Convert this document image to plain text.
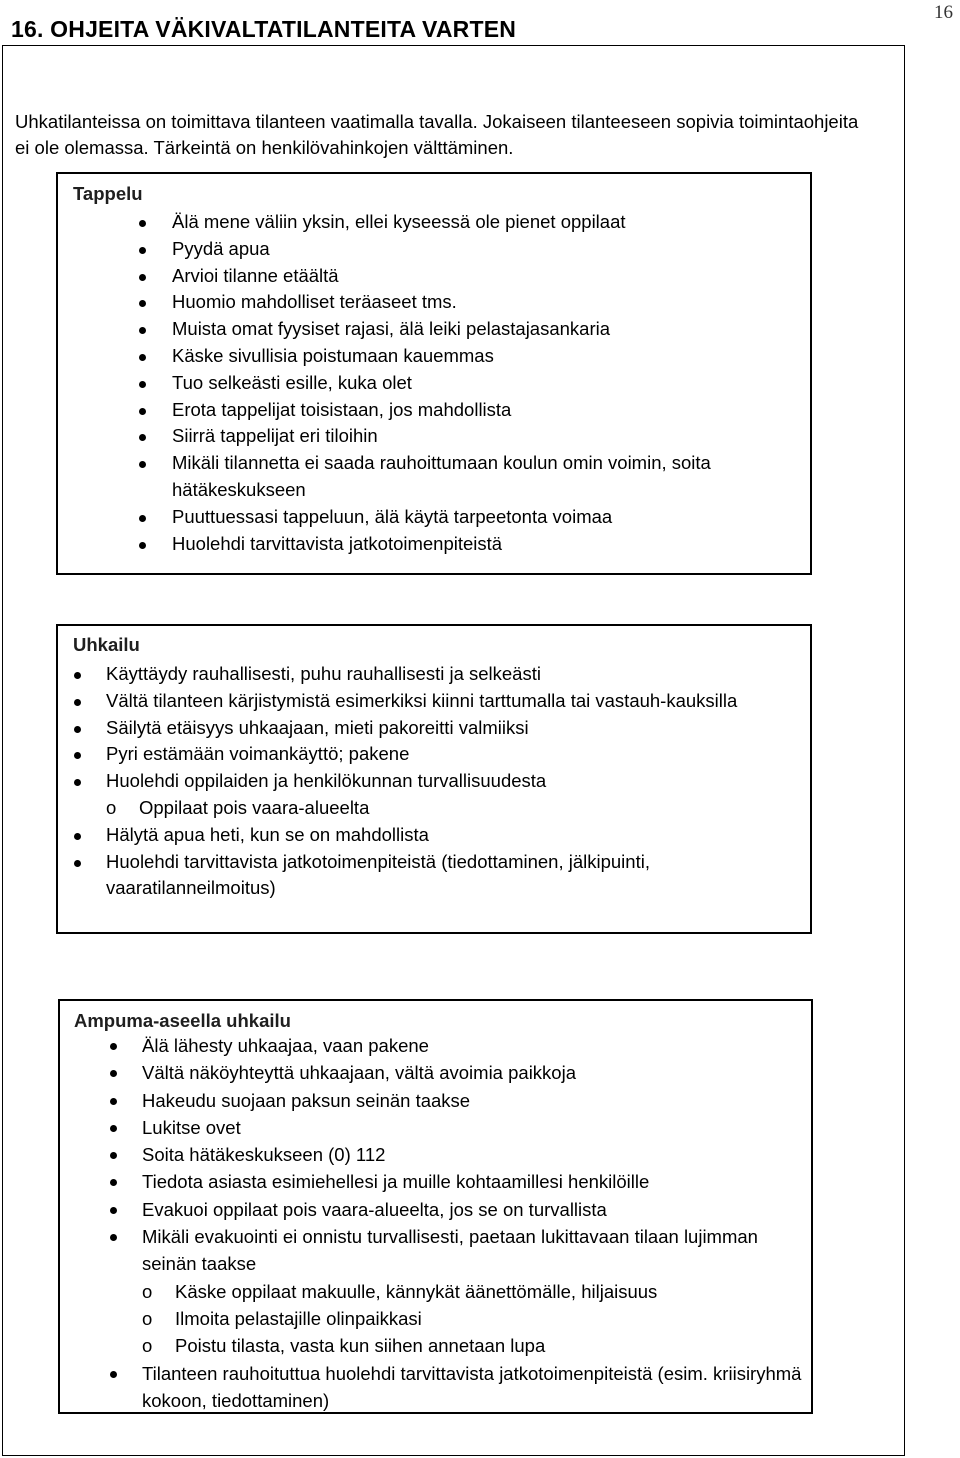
16
16. OHJEITA VÄKIVALTATILANTEITA VARTEN
Uhkatilanteissa on toimittava tilanteen vaatimalla tavalla. Jokaiseen tilanteeseen sopivia toimintaohjeita ei ole olemassa. Tärkeintä on henkilövahinkojen välttäminen.
Tappelu
Älä mene väliin yksin, ellei kyseessä ole pienet oppilaat
Pyydä apua
Arvioi tilanne etäältä
Huomio mahdolliset teräaseet tms.
Muista omat fyysiset rajasi, älä leiki pelastajasankaria
Käske sivullisia poistumaan kauemmas
Tuo selkeästi esille, kuka olet
Erota tappelijat toisistaan, jos mahdollista
Siirrä tappelijat eri tiloihin
Mikäli tilannetta ei saada rauhoittumaan koulun omin voimin, soita hätäkeskukseen
Puuttuessasi tappeluun, älä käytä tarpeetonta voimaa
Huolehdi tarvittavista jatkotoimenpiteistä
Uhkailu
Käyttäydy rauhallisesti, puhu rauhallisesti ja selkeästi
Vältä tilanteen kärjistymistä esimerkiksi kiinni tarttumalla tai vastauh-kauksilla
Säilytä etäisyys uhkaajaan, mieti pakoreitti valmiiksi
Pyri estämään voimankäyttö; pakene
Huolehdi oppilaiden ja henkilökunnan turvallisuudesta
o Oppilaat pois vaara-alueelta
Hälytä apua heti, kun se on mahdollista
Huolehdi tarvittavista jatkotoimenpiteistä (tiedottaminen, jälkipuinti, vaaratilanneilmoitus)
Ampuma-aseella uhkailu
Älä lähesty uhkaajaa, vaan pakene
Vältä näköyhteyttä uhkaajaan, vältä avoimia paikkoja
Hakeudu suojaan paksun seinän taakse
Lukitse ovet
Soita hätäkeskukseen (0) 112
Tiedota asiasta esimiehellesi ja muille kohtaamillesi henkilöille
Evakuoi oppilaat pois vaara-alueelta, jos se on turvallista
Mikäli evakuointi ei onnistu turvallisesti, paetaan lukittavaan tilaan lujimman seinän taakse
o Käske oppilaat makuulle, kännykät äänettömälle, hiljaisuus
o Ilmoita pelastajille olinpaikkasi
o Poistu tilasta, vasta kun siihen annetaan lupa
Tilanteen rauhoituttua huolehdi tarvittavista jatkotoimenpiteistä (esim. kriisiryhmä kokoon, tiedottaminen)
